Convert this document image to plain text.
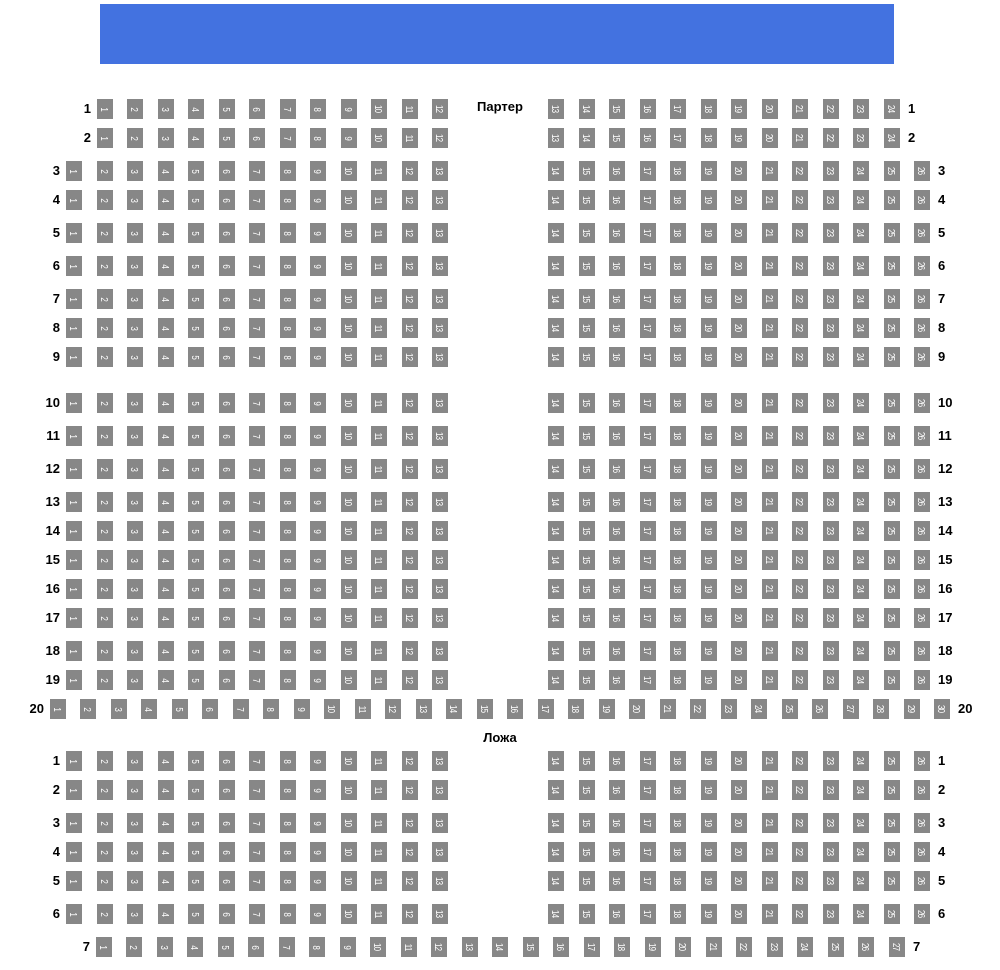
Партер
Ложа
1	2	3	4	5	6	7	8	9	10	11	12	13	14	15	16	17	18	19	20	21	22	23	24
1	1
1	2	3	4	5	6	7	8	9	10	11	12	13	14	15	16	17	18	19	20	21	22	23	24
2	2
1	2	3	4	5	6	7	8	9	10	11	12	13	14	15	16	17	18	19	20	21	22	23	24	25	26
3	3
1	2	3	4	5	6	7	8	9	10	11	12	13	14	15	16	17	18	19	20	21	22	23	24	25	26
4	4
1	2	3	4	5	6	7	8	9	10	11	12	13	14	15	16	17	18	19	20	21	22	23	24	25	26
5	5
1	2	3	4	5	6	7	8	9	10	11	12	13	14	15	16	17	18	19	20	21	22	23	24	25	26
6	6
1	2	3	4	5	6	7	8	9	10	11	12	13	14	15	16	17	18	19	20	21	22	23	24	25	26
7	7
1	2	3	4	5	6	7	8	9	10	11	12	13	14	15	16	17	18	19	20	21	22	23	24	25	26
8	8
1	2	3	4	5	6	7	8	9	10	11	12	13	14	15	16	17	18	19	20	21	22	23	24	25	26
9	9
1	2	3	4	5	6	7	8	9	10	11	12	13	14	15	16	17	18	19	20	21	22	23	24	25	26
10	10
1	2	3	4	5	6	7	8	9	10	11	12	13	14	15	16	17	18	19	20	21	22	23	24	25	26
11	11
1	2	3	4	5	6	7	8	9	10	11	12	13	14	15	16	17	18	19	20	21	22	23	24	25	26
12	12
1	2	3	4	5	6	7	8	9	10	11	12	13	14	15	16	17	18	19	20	21	22	23	24	25	26
13	13
1	2	3	4	5	6	7	8	9	10	11	12	13	14	15	16	17	18	19	20	21	22	23	24	25	26
14	14
1	2	3	4	5	6	7	8	9	10	11	12	13	14	15	16	17	18	19	20	21	22	23	24	25	26
15	15
1	2	3	4	5	6	7	8	9	10	11	12	13	14	15	16	17	18	19	20	21	22	23	24	25	26
16	16
1	2	3	4	5	6	7	8	9	10	11	12	13	14	15	16	17	18	19	20	21	22	23	24	25	26
17	17
1	2	3	4	5	6	7	8	9	10	11	12	13	14	15	16	17	18	19	20	21	22	23	24	25	26
18	18
1	2	3	4	5	6	7	8	9	10	11	12	13	14	15	16	17	18	19	20	21	22	23	24	25	26
19	19
1	2	3	4	5	6	7	8	9	10	11	12	13	14	15	16	17	18	19	20	21	22	23	24	25	26	27	28	29	30
20	20
1	2	3	4	5	6	7	8	9	10	11	12	13	14	15	16	17	18	19	20	21	22	23	24	25	26
1	1
1	2	3	4	5	6	7	8	9	10	11	12	13	14	15	16	17	18	19	20	21	22	23	24	25	26
2	2
1	2	3	4	5	6	7	8	9	10	11	12	13	14	15	16	17	18	19	20	21	22	23	24	25	26
3	3
1	2	3	4	5	6	7	8	9	10	11	12	13	14	15	16	17	18	19	20	21	22	23	24	25	26
4	4
1	2	3	4	5	6	7	8	9	10	11	12	13	14	15	16	17	18	19	20	21	22	23	24	25	26
5	5
1	2	3	4	5	6	7	8	9	10	11	12	13	14	15	16	17	18	19	20	21	22	23	24	25	26
6	6
1	2	3	4	5	6	7	8	9	10	11	12	13	14	15	16	17	18	19	20	21	22	23	24	25	26	27
7	7
